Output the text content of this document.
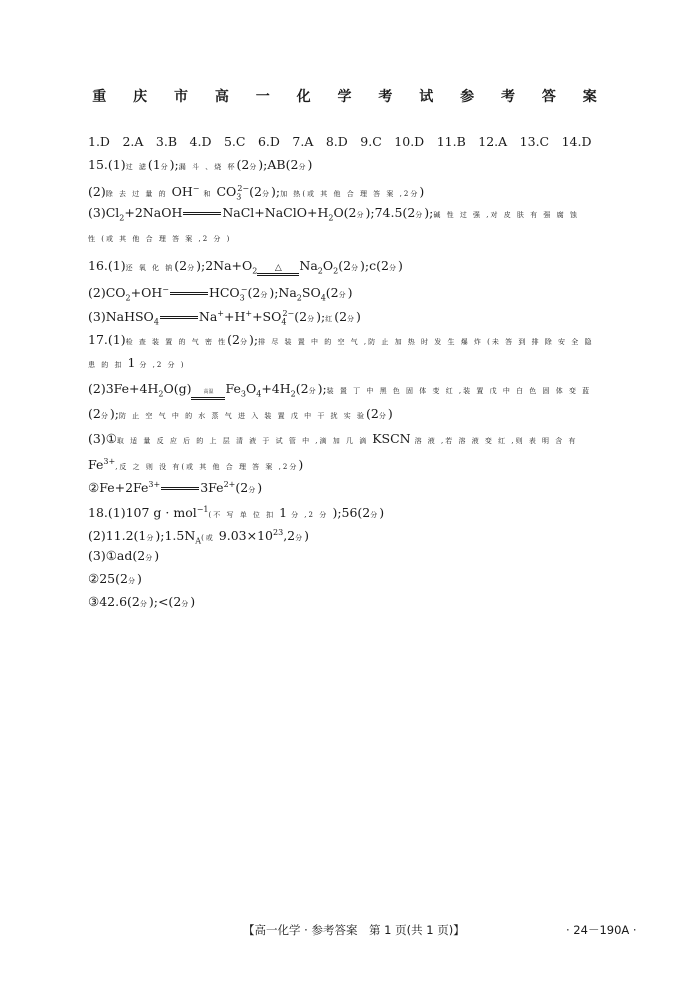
重 庆 市 高 一 化 学 考 试 参 考 答 案
1.D　2.A　3.B　4.D　5.C　6.D　7.A　8.D　9.C　10.D　11.B　12.A　13.C　14.D
15.(1)过 滤(1分);漏 斗 、烧 杯(2分);AB(2分)
(2)除 去 过 量 的 OH− 和 $CO_3^{2-}(2$分);加 热(或 其 他 合 理 答 案 ,2分)
$(3)Cl_2+2NaOH$	$NaCl+NaClO+H_2O(2$分);74.5(2分);碱 性 过 强 ,对 皮 肤 有 强 腐 蚀
性 (或 其 他 合 理 答 案 ,2 分 )
16.(1)还 氧 化 钠(2分)$;2Na+O_2$	△	$Na_2O_2(2$分);c(2分)
$(2)CO_2+OH^-$	$HCO_3^-(2$分)$;Na_2SO_4(2$分)
(3)NaHSO$_4$	$Na^++H^++SO_4^{2-}(2$分);红(2分)
17.(1)检 查 装 置 的 气 密 性(2分);排 尽 装 置 中 的 空 气 ,防 止 加 热 时 发 生 爆 炸 (未 答 到 排 除 安 全 隐
患 的 扣 1 分 ,2 分 )
$(2)3Fe+4H_2O(g)$	高温 $Fe_3O_4+4H_2(2$分);装 置 丁 中 黑 色 固 体 变 红 ,装 置 戊 中 白 色 固 体 变 蓝
(2分);防 止 空 气 中 的 水 蒸 气 进 入 装 置 戊 中 干 扰 实 验(2分)
(3)①取 适 量 反 应 后 的 上 层 清 液 于 试 管 中 ,滴 加 几 滴 KSCN 溶 液 ,若 溶 液 变 红 ,则 表 明 含 有
$Fe^{3+}$,反 之 则 没 有(或 其 他 合 理 答 案 ,2分)
$②Fe+2Fe^{3+}$	$3Fe^{2+}(2$分)
18.(1)107 g · mol$^{-1}$(不 写 单 位 扣 1 分 ,2 分 );56(2分)
(2)11.2(1分)$;1.5N_A$(或 $9.03\times 10^{23},2$分)
(3)①ad(2分)
②25(2分)
③42.6(2分);<(2分)
【高一化学 · 参考答案　第 1 页(共 1 页)】	· 24－190A ·
